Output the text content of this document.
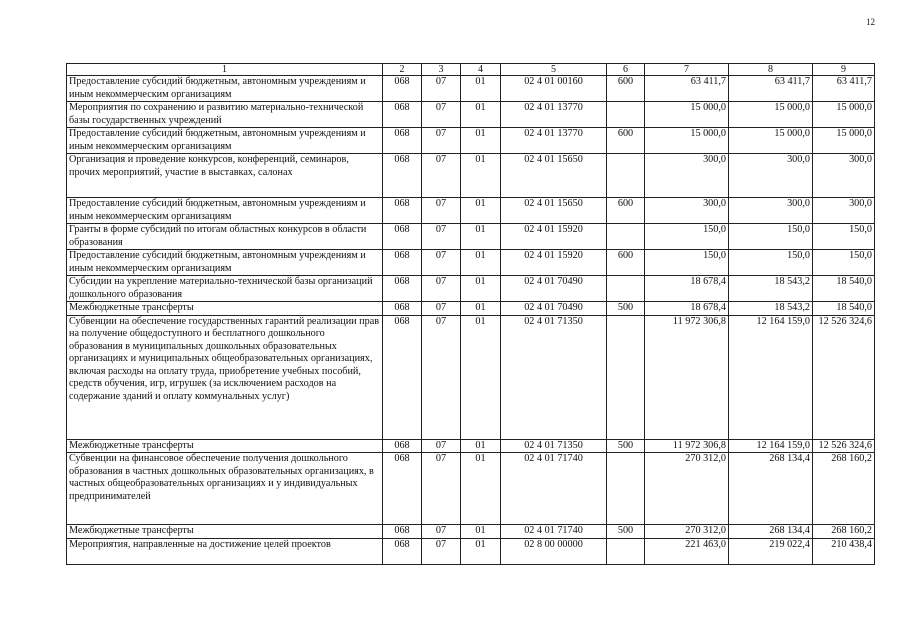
12
1	2	3	4	5	6	7	8	9
Предоставление субсидий бюджетным, автономным учреждениям и иным некоммерческим организациям	068	07	01	02 4 01 00160	600	63 411,7	63 411,7	63 411,7
Мероприятия по сохранению и развитию материально-технической базы государственных учреждений	068	07	01	02 4 01 13770		15 000,0	15 000,0	15 000,0
Предоставление субсидий бюджетным, автономным учреждениям и иным некоммерческим организациям	068	07	01	02 4 01 13770	600	15 000,0	15 000,0	15 000,0
Организация и проведение конкурсов, конференций, семинаров, прочих мероприятий, участие в выставках, салонах	068	07	01	02 4 01 15650		300,0	300,0	300,0
Предоставление субсидий бюджетным, автономным учреждениям и иным некоммерческим организациям	068	07	01	02 4 01 15650	600	300,0	300,0	300,0
Гранты в форме субсидий по итогам областных конкурсов в области образования	068	07	01	02 4 01 15920		150,0	150,0	150,0
Предоставление субсидий бюджетным, автономным учреждениям и иным некоммерческим организациям	068	07	01	02 4 01 15920	600	150,0	150,0	150,0
Субсидии на укрепление материально-технической базы организаций дошкольного образования	068	07	01	02 4 01 70490		18 678,4	18 543,2	18 540,0
Межбюджетные трансферты	068	07	01	02 4 01 70490	500	18 678,4	18 543,2	18 540,0
Субвенции на обеспечение государственных гарантий реализации прав на получение общедоступного и бесплатного дошкольного образования в муниципальных дошкольных образовательных организациях и муниципальных общеобразовательных организациях, включая расходы на оплату труда, приобретение учебных пособий, средств обучения, игр, игрушек (за исключением расходов на содержание зданий и оплату коммунальных услуг)	068	07	01	02 4 01 71350		11 972 306,8	12 164 159,0	12 526 324,6
Межбюджетные трансферты	068	07	01	02 4 01 71350	500	11 972 306,8	12 164 159,0	12 526 324,6
Субвенции на финансовое обеспечение получения дошкольного образования в частных дошкольных образовательных организациях, в частных общеобразовательных организациях и у индивидуальных предпринимателей	068	07	01	02 4 01 71740		270 312,0	268 134,4	268 160,2
Межбюджетные трансферты	068	07	01	02 4 01 71740	500	270 312,0	268 134,4	268 160,2
Мероприятия, направленные на достижение целей проектов	068	07	01	02 8 00 00000		221 463,0	219 022,4	210 438,4
